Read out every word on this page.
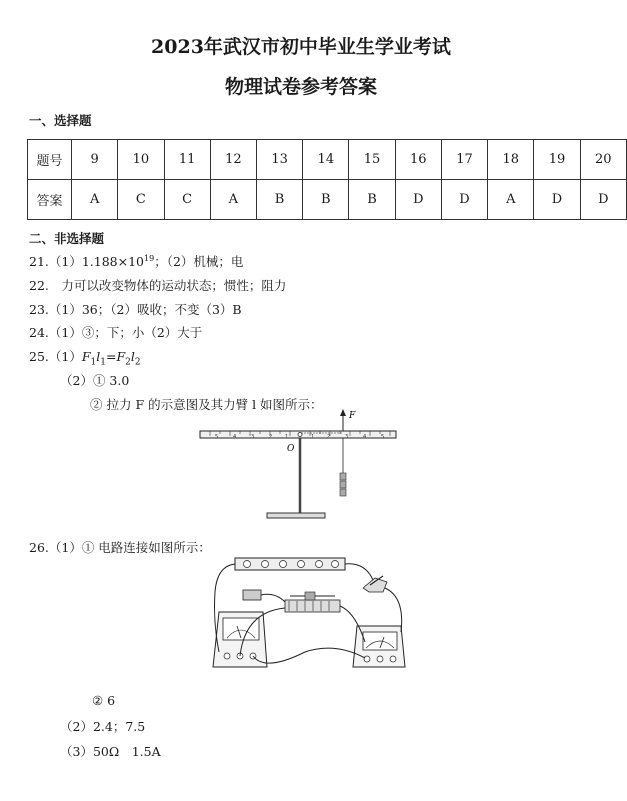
2023年武汉市初中毕业生学业考试
物理试卷参考答案
一、选择题
题号	9	10	11	12	13	14	15	16	17	18	19	20
答案	A	C	C	A	B	B	B	D	D	A	D	D
二、非选择题
$21.(1)1.188\times 10^{19}$；（2）机械；电
22.　力可以改变物体的运动状态；惯性；阻力
23.（1）36；（2）吸收；不变（3）B
24.（1）③；下；小（2）大于
$25.(1)F_1l_1=F_2l_2$
（2）① 3.0
② 拉力 F 的示意图及其力臂 l 如图所示：
F
5	4	3	2	1	1	2	3	4	5
O
26.（1）① 电路连接如图所示：
② 6
（2）2.4；7.5
（3）50Ω　1.5A
